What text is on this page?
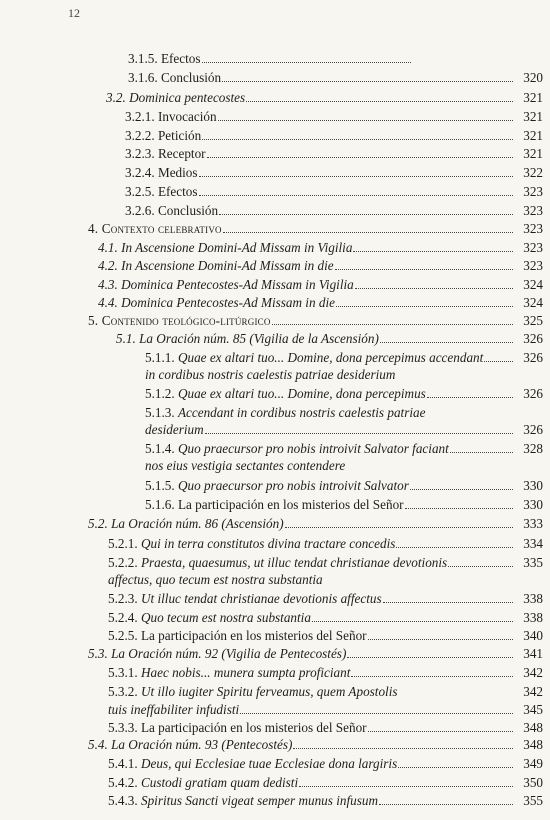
12
3.1.5. Efectos
3.1.6. Conclusión	320
3.2. Dominica pentecostes	321
3.2.1. Invocación	321
3.2.2. Petición	321
3.2.3. Receptor	321
3.2.4. Medios	322
3.2.5. Efectos	323
3.2.6. Conclusión	323
4. Contexto celebrativo	323
4.1. In Ascensione Domini-Ad Missam in Vigilia	323
4.2. In Ascensione Domini-Ad Missam in die	323
4.3. Dominica Pentecostes-Ad Missam in Vigilia	324
4.4. Dominica Pentecostes-Ad Missam in die	324
5. Contenido teológico-litúrgico	325
5.1. La Oración núm. 85 (Vigilia de la Ascensión)	326
5.1.1. Quae ex altari tuo... Domine, dona percepimus accendant	326
in cordibus nostris caelestis patriae desiderium
5.1.2. Quae ex altari tuo... Domine, dona percepimus	326
5.1.3. Accendant in cordibus nostris caelestis patriae
desiderium	326
5.1.4. Quo praecursor pro nobis introivit Salvator faciant	328
nos eius vestigia sectantes contendere
5.1.5. Quo praecursor pro nobis introivit Salvator	330
5.1.6. La participación en los misterios del Señor	330
5.2. La Oración núm. 86 (Ascensión)	333
5.2.1. Qui in terra constitutos divina tractare concedis	334
5.2.2. Praesta, quaesumus, ut illuc tendat christianae devotionis	335
affectus, quo tecum est nostra substantia
5.2.3. Ut illuc tendat christianae devotionis affectus	338
5.2.4. Quo tecum est nostra substantia	338
5.2.5. La participación en los misterios del Señor	340
5.3. La Oración núm. 92 (Vigilia de Pentecostés)	341
5.3.1. Haec nobis... munera sumpta proficiant	342
5.3.2. Ut illo iugiter Spiritu ferveamus, quem Apostolis	342
tuis ineffabiliter infudisti	345
5.3.3. La participación en los misterios del Señor	348
5.4. La Oración núm. 93 (Pentecostés)	348
5.4.1. Deus, qui Ecclesiae tuae Ecclesiae dona largiris	349
5.4.2. Custodi gratiam quam dedisti	350
5.4.3. Spiritus Sancti vigeat semper munus infusum	355
